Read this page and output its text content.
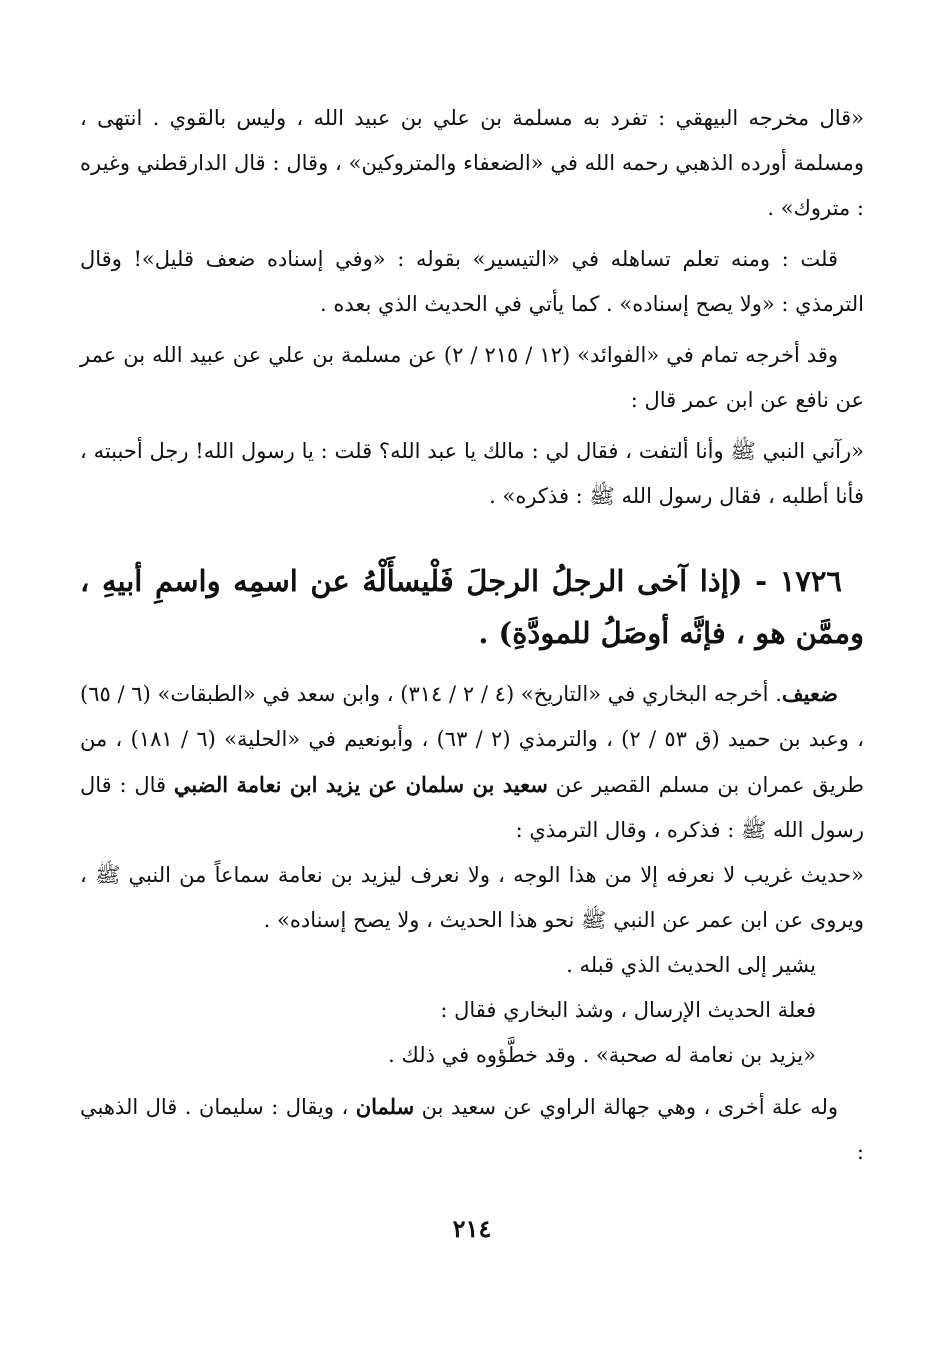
«قال مخرجه البيهقي : تفرد به مسلمة بن علي بن عبيد الله ، وليس بالقوي . انتهى ، ومسلمة أورده الذهبي رحمه الله في «الضعفاء والمتروكين» ، وقال : قال الدارقطني وغيره : متروك» .

قلت : ومنه تعلم تساهله في «التيسير» بقوله : «وفي إسناده ضعف قليل»! وقال الترمذي : «ولا يصح إسناده» . كما يأتي في الحديث الذي بعده .

وقد أخرجه تمام في «الفوائد» (١٢ / ٢١٥ / ٢) عن مسلمة بن علي عن عبيد الله بن عمر عن نافع عن ابن عمر قال :

«رآني النبي ﷺ وأنا ألتفت ، فقال لي : مالك يا عبد الله؟ قلت : يا رسول الله! رجل أحببته ، فأنا أطلبه ، فقال رسول الله ﷺ : فذكره» .

١٧٢٦ - (إذا آخى الرجلُ الرجلَ فَلْيسأَلْهُ عن اسمِه واسمِ أبيهِ ، وممَّن هو ، فإنَّه أوصَلُ للمودَّةِ) .

ضعيف. أخرجه البخاري في «التاريخ» (٤ / ٢ / ٣١٤) ، وابن سعد في «الطبقات» (٦ / ٦٥) ، وعبد بن حميد (ق ٥٣ / ٢) ، والترمذي (٢ / ٦٣) ، وأبونعيم في «الحلية» (٦ / ١٨١) ، من طريق عمران بن مسلم القصير عن سعيد بن سلمان عن يزيد ابن نعامة الضبي قال : قال رسول الله ﷺ : فذكره ، وقال الترمذي :

«حديث غريب لا نعرفه إلا من هذا الوجه ، ولا نعرف ليزيد بن نعامة سماعاً من النبي ﷺ ، ويروى عن ابن عمر عن النبي ﷺ نحو هذا الحديث ، ولا يصح إسناده» .

يشير إلى الحديث الذي قبله .

فعلة الحديث الإرسال ، وشذ البخاري فقال :

«يزيد بن نعامة له صحبة» . وقد خطَّؤوه في ذلك .

وله علة أخرى ، وهي جهالة الراوي عن سعيد بن سلمان ، ويقال : سليمان . قال الذهبي :

٢١٤
